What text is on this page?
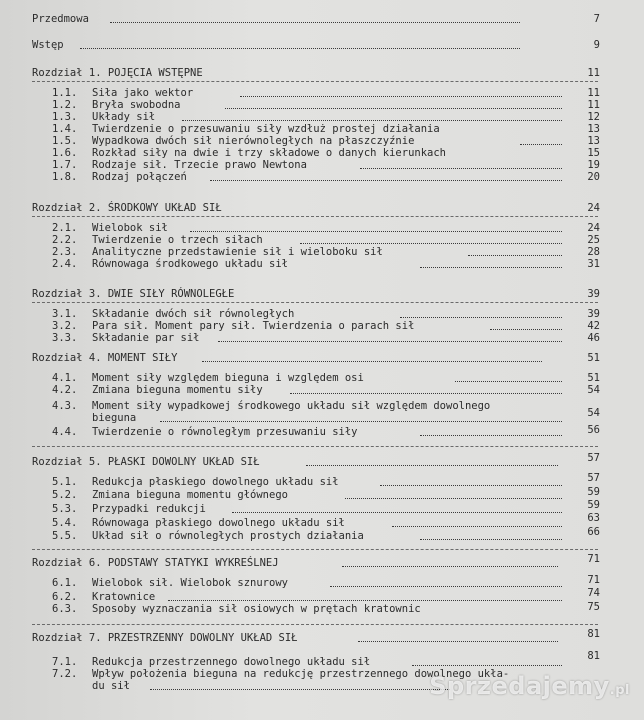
Przedmowa	7
Wstęp	9
Rozdział 1. POJĘCIA WSTĘPNE	11
1.1.	Siła jako wektor	11
1.2.	Bryła swobodna	11
1.3.	Układy sił	12
1.4.	Twierdzenie o przesuwaniu siły wzdłuż prostej działania	13
1.5.	Wypadkowa dwóch sił nierównoległych na płaszczyźnie	13
1.6.	Rozkład siły na dwie i trzy składowe o danych kierunkach	15
1.7.	Rodzaje sił. Trzecie prawo Newtona	19
1.8.	Rodzaj połączeń	20
Rozdział 2. ŚRODKOWY UKŁAD SIŁ	24
2.1.	Wielobok sił	24
2.2.	Twierdzenie o trzech siłach	25
2.3.	Analityczne przedstawienie sił i wieloboku sił	28
2.4.	Równowaga środkowego układu sił	31
Rozdział 3. DWIE SIŁY RÓWNOLEGŁE	39
3.1.	Składanie dwóch sił równoległych	39
3.2.	Para sił. Moment pary sił. Twierdzenia o parach sił	42
3.3.	Składanie par sił	46
Rozdział 4. MOMENT SIŁY	51
4.1.	Moment siły względem bieguna i względem osi	51
4.2.	Zmiana bieguna momentu siły	54
4.3.	Moment siły wypadkowej środkowego układu sił względem dowolnego
bieguna	54
4.4.	Twierdzenie o równoległym przesuwaniu siły	56
Rozdział 5. PŁASKI DOWOLNY UKŁAD SIŁ	57
5.1.	Redukcja płaskiego dowolnego układu sił	57
5.2.	Zmiana bieguna momentu głównego	59
5.3.	Przypadki redukcji	59
5.4.	Równowaga płaskiego dowolnego układu sił	63
5.5.	Układ sił o równoległych prostych działania	66
Rozdział 6. PODSTAWY STATYKI WYKREŚLNEJ	71
6.1.	Wielobok sił. Wielobok sznurowy	71
6.2.	Kratownice	74
6.3.	Sposoby wyznaczania sił osiowych w prętach kratownic	75
Rozdział 7. PRZESTRZENNY DOWOLNY UKŁAD SIŁ	81
7.1.	Redukcja przestrzennego dowolnego układu sił	81
7.2.	Wpływ położenia bieguna na redukcję przestrzennego dowolnego ukła-
du sił	Sprzedajemy.pl
